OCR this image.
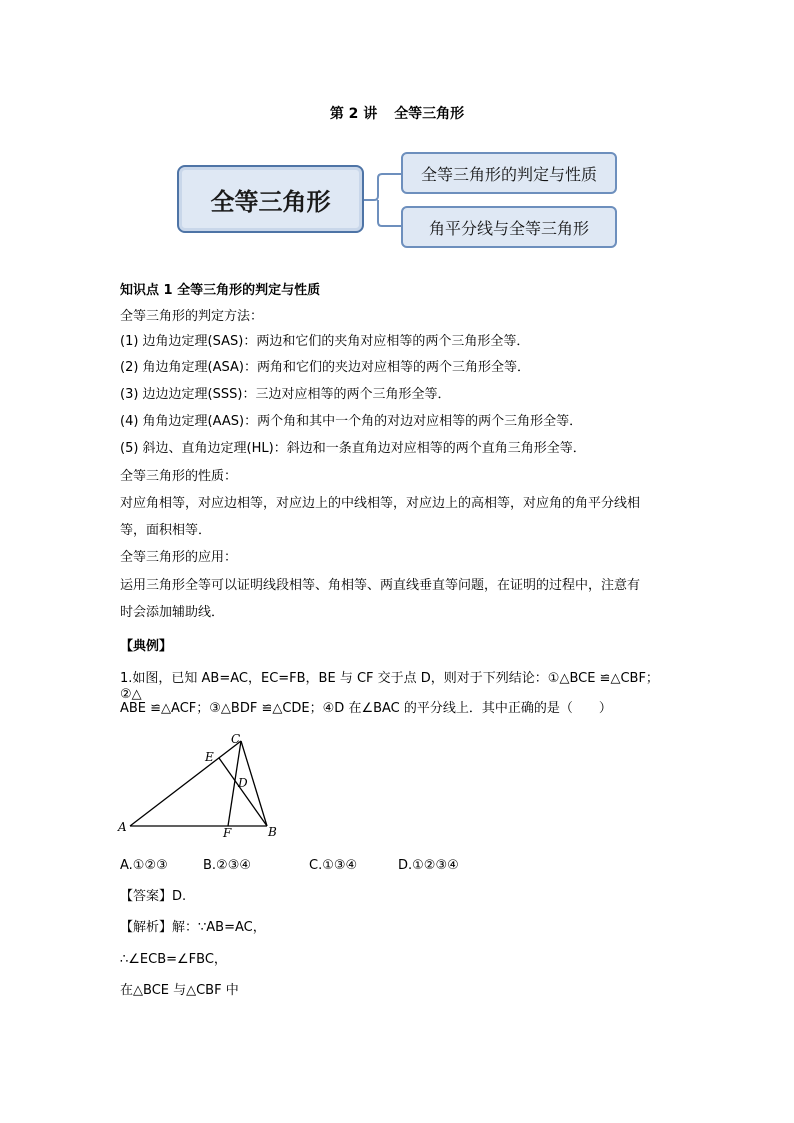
第 2 讲 全等三角形
全等三角形
全等三角形的判定与性质
角平分线与全等三角形
知识点 1 全等三角形的判定与性质
全等三角形的判定方法：
(1) 边角边定理(SAS)：两边和它们的夹角对应相等的两个三角形全等．
(2) 角边角定理(ASA)：两角和它们的夹边对应相等的两个三角形全等．
(3) 边边边定理(SSS)：三边对应相等的两个三角形全等．
(4) 角角边定理(AAS)：两个角和其中一个角的对边对应相等的两个三角形全等．
(5) 斜边、直角边定理(HL)：斜边和一条直角边对应相等的两个直角三角形全等．
全等三角形的性质：
对应角相等，对应边相等，对应边上的中线相等，对应边上的高相等，对应角的角平分线相
等，面积相等．
全等三角形的应用：
运用三角形全等可以证明线段相等、角相等、两直线垂直等问题，在证明的过程中，注意有
时会添加辅助线．
【典例】
1.如图，已知 AB=AC，EC=FB，BE 与 CF 交于点 D，则对于下列结论：①△BCE ≌△CBF；②△
ABE ≌△ACF；③△BDF ≌△CDE；④D 在∠BAC 的平分线上．其中正确的是（　　）
A	B
C
D
E
F
A.①②③	B.②③④	C.①③④	D.①②③④
【答案】D.
【解析】解：∵AB=AC，
∴∠ECB=∠FBC，
在△BCE 与△CBF 中
